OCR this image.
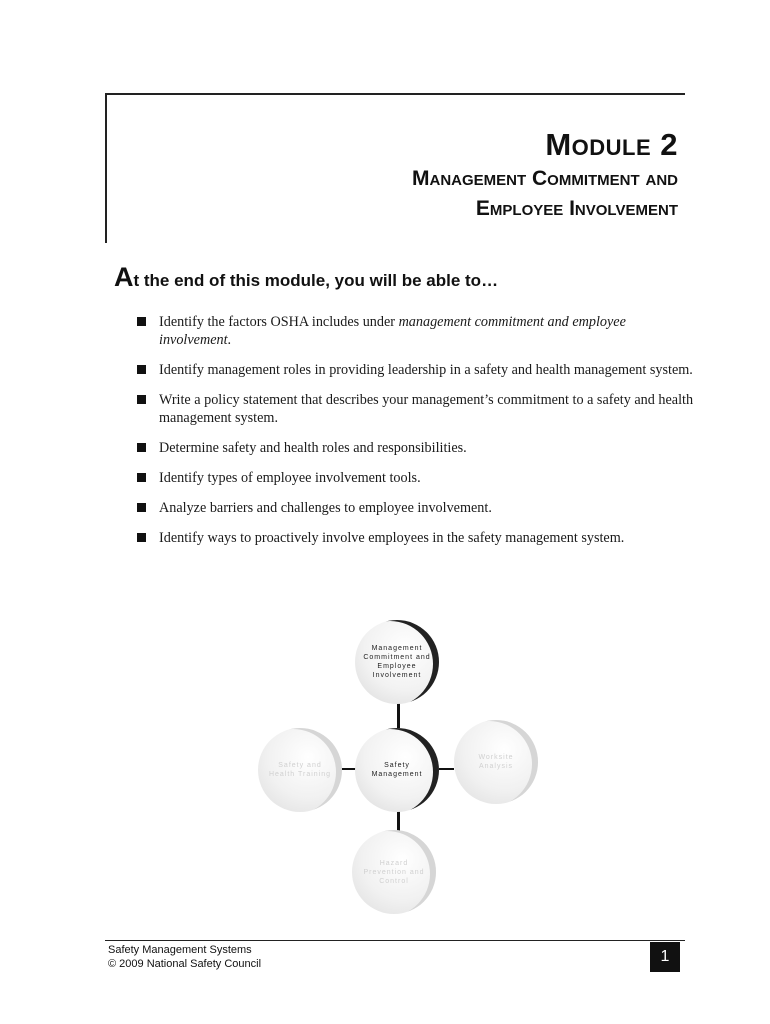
Module 2
Management Commitment and
Employee Involvement
At the end of this module, you will be able to…
Identify the factors OSHA includes under management commitment and employee involvement.
Identify management roles in providing leadership in a safety and health management system.
Write a policy statement that describes your management’s commitment to a safety and health management system.
Determine safety and health roles and responsibilities.
Identify types of employee involvement tools.
Analyze barriers and challenges to employee involvement.
Identify ways to proactively involve employees in the safety management system.
Management Commitment and Employee Involvement
Safety Management
Safety and Health Training
Worksite Analysis
Hazard Prevention and Control
Safety Management Systems
© 2009 National Safety Council	1
